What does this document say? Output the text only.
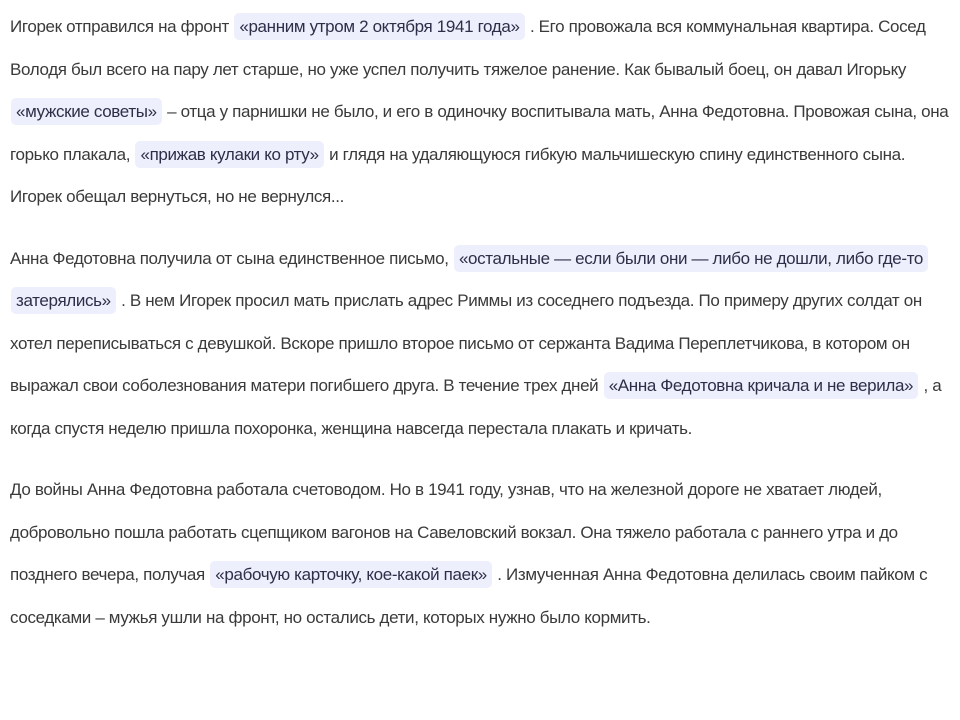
Игорек отправился на фронт «ранним утром 2 октября 1941 года» . Его провожала вся коммунальная квартира. Сосед Володя был всего на пару лет старше, но уже успел получить тяжелое ранение. Как бывалый боец, он давал Игорьку «мужские советы» – отца у парнишки не было, и его в одиночку воспитывала мать, Анна Федотовна. Провожая сына, она горько плакала, «прижав кулаки ко рту» и глядя на удаляющуюся гибкую мальчишескую спину единственного сына. Игорек обещал вернуться, но не вернулся...

Анна Федотовна получила от сына единственное письмо, «остальные — если были они — либо не дошли, либо где-то затерялись» . В нем Игорек просил мать прислать адрес Риммы из соседнего подъезда. По примеру других солдат он хотел переписываться с девушкой. Вскоре пришло второе письмо от сержанта Вадима Переплетчикова, в котором он выражал свои соболезнования матери погибшего друга. В течение трех дней «Анна Федотовна кричала и не верила» , а когда спустя неделю пришла похоронка, женщина навсегда перестала плакать и кричать.

До войны Анна Федотовна работала счетоводом. Но в 1941 году, узнав, что на железной дороге не хватает людей, добровольно пошла работать сцепщиком вагонов на Савеловский вокзал. Она тяжело работала с раннего утра и до позднего вечера, получая «рабочую карточку, кое-какой паек» . Измученная Анна Федотовна делилась своим пайком с соседками – мужья ушли на фронт, но остались дети, которых нужно было кормить.
